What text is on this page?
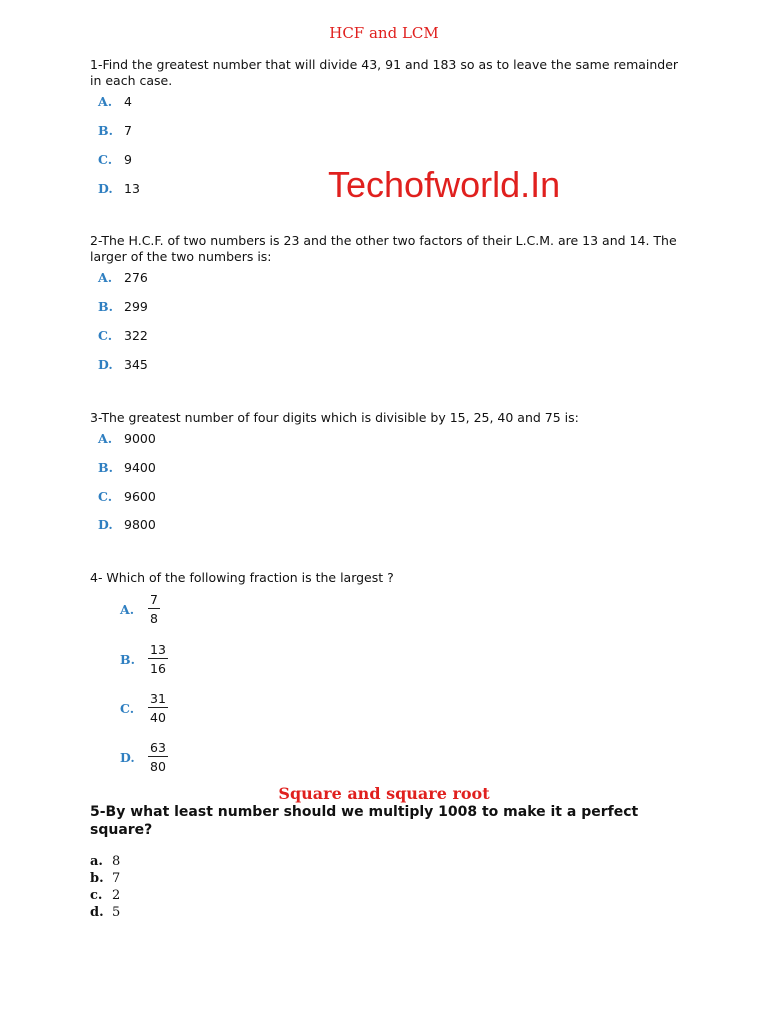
HCF and LCM
Techofworld.In
1-Find the greatest number that will divide 43, 91 and 183 so as to leave the same remainder in each case.
A. 4
B. 7
C. 9
D. 13
2-The H.C.F. of two numbers is 23 and the other two factors of their L.C.M. are 13 and 14. The larger of the two numbers is:
A. 276
B. 299
C. 322
D. 345
3-The greatest number of four digits which is divisible by 15, 25, 40 and 75 is:
A. 9000
B. 9400
C. 9600
D. 9800
4- Which of the following fraction is the largest ?
A.	$\frac{7}{8}$
B.	$\frac{13}{16}$
C.	$\frac{31}{40}$
D.	$\frac{63}{80}$
Square and square root
5-By what least number should we multiply 1008 to make it a perfect square?
a. 8
b. 7
c. 2
d. 5
